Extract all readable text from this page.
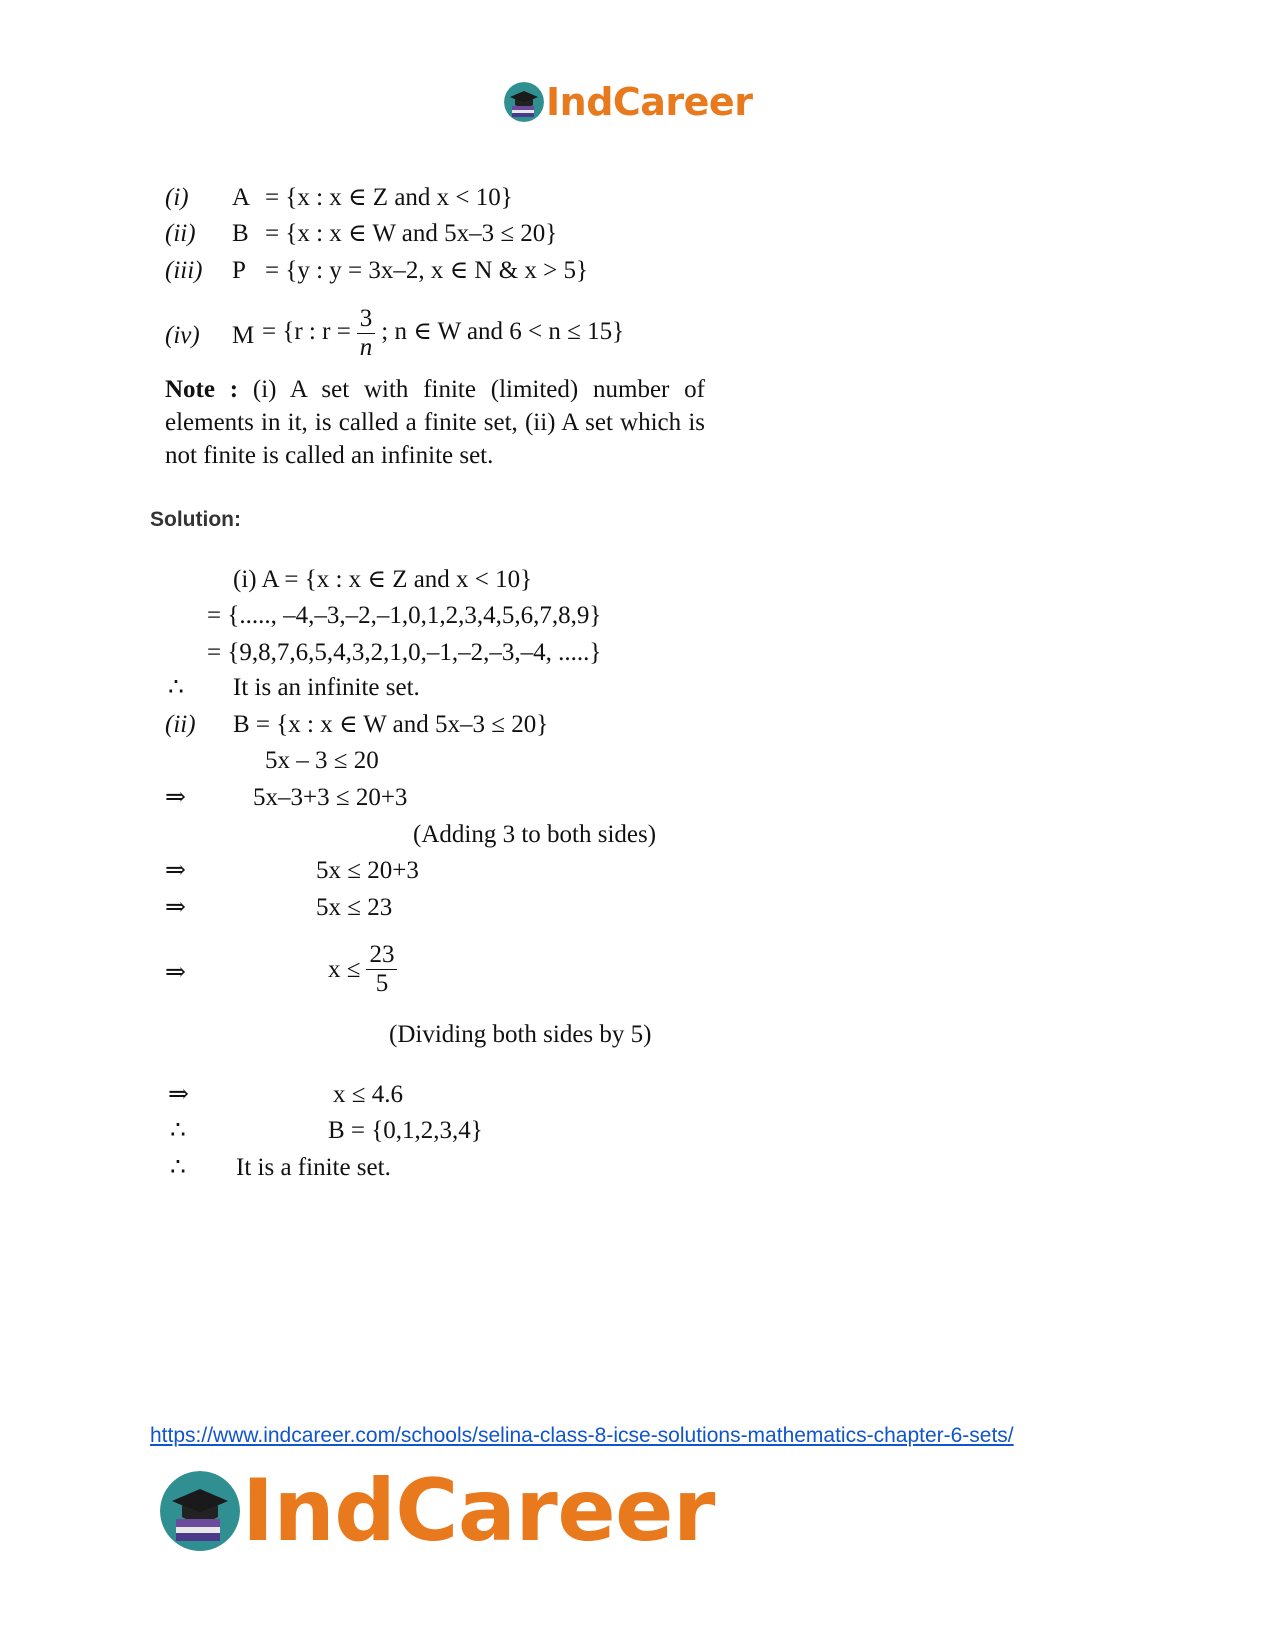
IndCareer
(i) A = {x : x ∈ Z and x < 10}
(ii) B = {x : x ∈ W and 5x–3 ≤ 20}
(iii) P = {y : y = 3x–2, x ∈ N & x > 5}
(iv) M = {r : $r = \frac{3}{n}$ ; n ∈ W and 6 < n ≤ 15}
Note : (i) A set with finite (limited) number of elements in it, is called a finite set, (ii) A set which is not finite is called an infinite set.
Solution:
(i) A = {x : x ∈ Z and x < 10}
= {....., –4,–3,–2,–1,0,1,2,3,4,5,6,7,8,9}
= {9,8,7,6,5,4,3,2,1,0,–1,–2,–3,–4, .....}
∴ It is an infinite set.
(ii) B = {x : x ∈ W and 5x–3 ≤ 20}
5x – 3 ≤ 20
⇒	5x–3+3 ≤ 20+3
(Adding 3 to both sides)
⇒	5x ≤ 20+3
⇒	5x ≤ 23
⇒	$x \le \frac{23}{5}$
(Dividing both sides by 5)
⇒	x ≤ 4.6
∴	B = {0,1,2,3,4}
∴ It is a finite set.
https://www.indcareer.com/schools/selina-class-8-icse-solutions-mathematics-chapter-6-sets/
IndCareer
